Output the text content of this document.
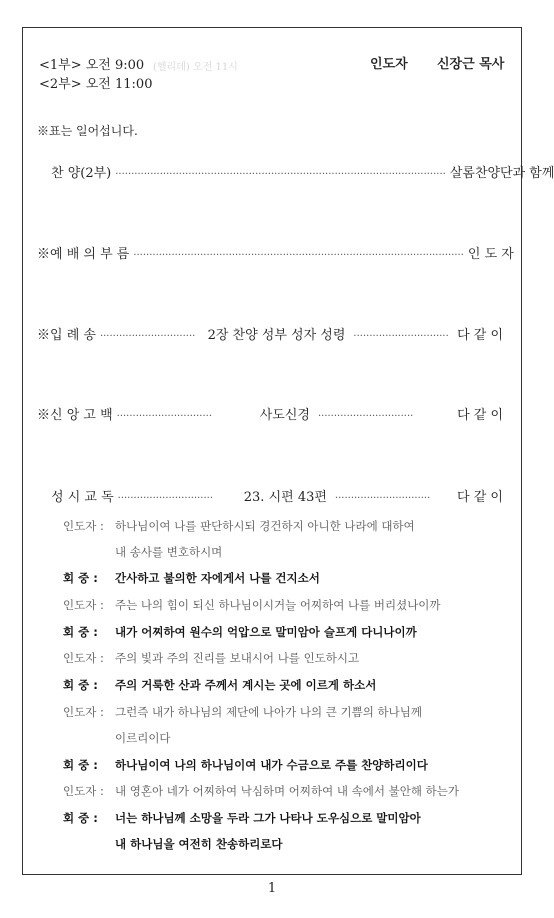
<1부> 오전 9:00 (헬리데) 오전 11시
<2부> 오전 11:00
인도자 신장근 목사
※표는 일어섭니다.
찬 양(2부) ········································································································ 살롬찬양단과 함께
※예 배 의 부 름 ········································································································ 인 도 자
※입 례 송 ······························ 2장 찬양 성부 성자 성령 ······························ 다 같 이
※신 앙 고 백 ······························	사도신경 ······························	다 같 이
성 시 교 독 ······························	23. 시편 43편 ······························	다 같 이
인도자 : 하나님이여 나를 판단하시되 경건하지 아니한 나라에 대하여
내 송사를 변호하시며
회 중 : 간사하고 불의한 자에게서 나를 건지소서
인도자 : 주는 나의 힘이 되신 하나님이시거늘 어찌하여 나를 버리셨나이까
회 중 : 내가 어찌하여 원수의 억압으로 말미암아 슬프게 다니나이까
인도자 : 주의 빛과 주의 진리를 보내시어 나를 인도하시고
회 중 : 주의 거룩한 산과 주께서 계시는 곳에 이르게 하소서
인도자 : 그런즉 내가 하나님의 제단에 나아가 나의 큰 기쁨의 하나님께
이르리이다
회 중 : 하나님이여 나의 하나님이여 내가 수금으로 주를 찬양하리이다
인도자 : 내 영혼아 네가 어찌하여 낙심하며 어찌하여 내 속에서 불안해 하는가
회 중 : 너는 하나님께 소망을 두라 그가 나타나 도우심으로 말미암아
내 하나님을 여전히 찬송하리로다
1
